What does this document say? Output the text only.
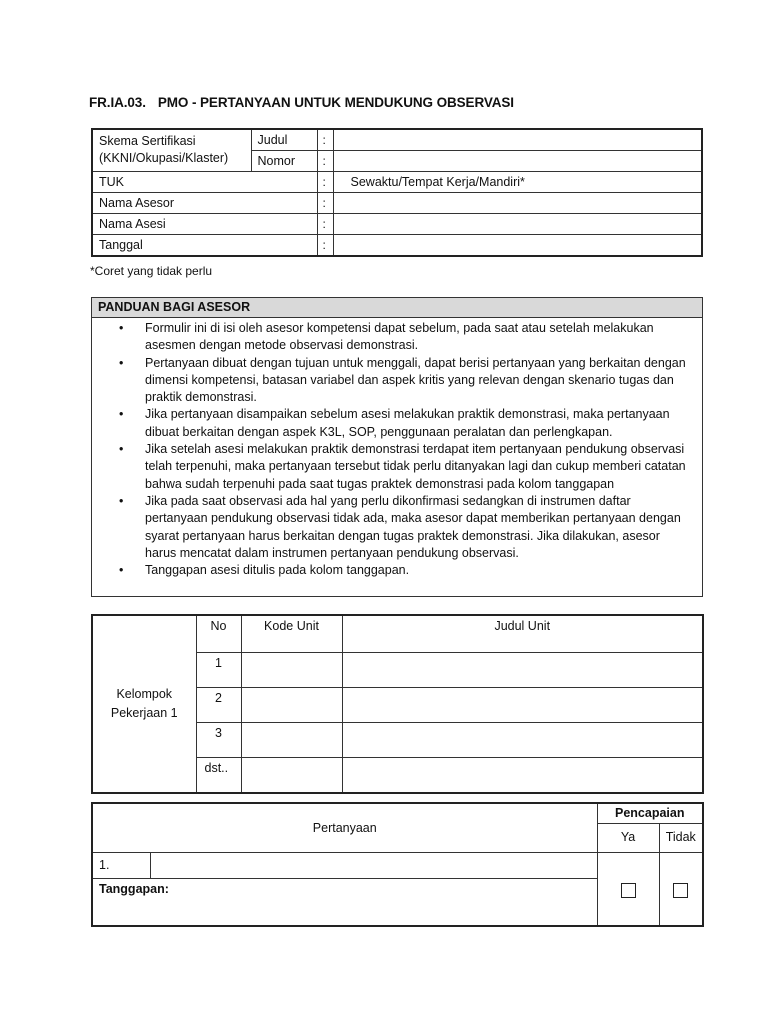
FR.IA.03. PMO - PERTANYAAN UNTUK MENDUKUNG OBSERVASI
Skema Sertifikasi
(KKNI/Okupasi/Klaster)	Judul	:	
	Nomor	:	
TUK		:	Sewaktu/Tempat Kerja/Mandiri*
Nama Asesor		:	
Nama Asesi		:	
Tanggal		:	
*Coret yang tidak perlu
PANDUAN BAGI ASESOR
• Formulir ini di isi oleh asesor kompetensi dapat sebelum, pada saat atau setelah melakukan asesmen dengan metode observasi demonstrasi.
• Pertanyaan dibuat dengan tujuan untuk menggali, dapat berisi pertanyaan yang berkaitan dengan dimensi kompetensi, batasan variabel dan aspek kritis yang relevan dengan skenario tugas dan praktik demonstrasi.
• Jika pertanyaan disampaikan sebelum asesi melakukan praktik demonstrasi, maka pertanyaan dibuat berkaitan dengan aspek K3L, SOP, penggunaan peralatan dan perlengkapan.
• Jika setelah asesi melakukan praktik demonstrasi terdapat item pertanyaan pendukung observasi telah terpenuhi, maka pertanyaan tersebut tidak perlu ditanyakan lagi dan cukup memberi catatan bahwa sudah terpenuhi pada saat tugas praktek demonstrasi pada kolom tanggapan
• Jika pada saat observasi ada hal yang perlu dikonfirmasi sedangkan di instrumen daftar pertanyaan pendukung observasi tidak ada, maka asesor dapat memberikan pertanyaan dengan syarat pertanyaan harus berkaitan dengan tugas praktek demonstrasi. Jika dilakukan, asesor harus mencatat dalam instrumen pertanyaan pendukung observasi.
• Tanggapan asesi ditulis pada kolom tanggapan.
Kelompok
Pekerjaan 1	No	Kode Unit	Judul Unit
	1		
	2		
	3		
	dst..		
Pertanyaan		Pencapaian	
		Ya	Tidak
1.			
Tanggapan:			
